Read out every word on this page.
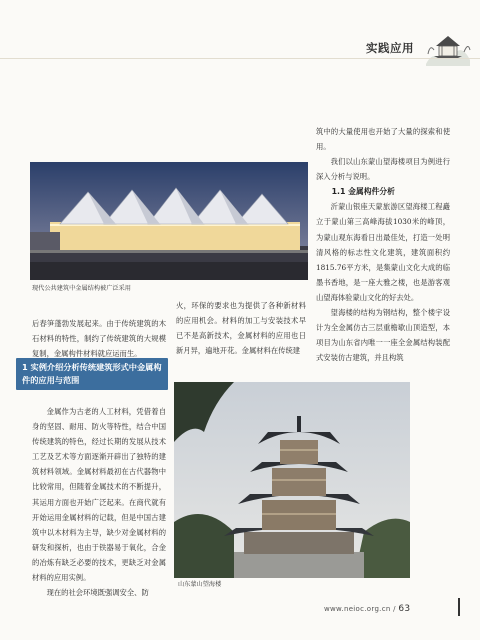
实践应用
现代公共建筑中金属结构被广泛采用

后春笋蓬勃发展起来。由于传统建筑的木石材料的特性，制约了传统建筑的大规模复制，金属构件材料就应运而生。

火，环保的要求也为提供了各种新材料的应用机会。材料的加工与安装技术早已不是高新技术，金属材料的应用也日新月异，遍地开花。金属材料在传统建

1 实例介绍分析传统建筑形式中金属构件的应用与范围

金属作为古老的人工材料，凭借着自身的坚固、耐用、防火等特性，结合中国传统建筑的特色，经过长期的发展从技术工艺及艺术等方面逐渐开辟出了独特的建筑材料领域。金属材料最初在古代器物中比较常用，但随着金属技术的不断提升，其运用方面也开始广泛起来。在商代就有开始运用金属材料的记载，但是中国古建筑中以木材料为主导，缺少对金属材料的研发和探析，也由于铁器易于氧化，合金的冶炼有缺乏必要的技术，更缺乏对金属材料的应用实例。

现在的社会环境既强调安全、防

筑中的大量使用也开始了大量的探索和使用。

我们以山东蒙山望海楼项目为例进行深入分析与说明。

1.1 金属构件分析

沂蒙山银座天蒙旅游区望海楼工程矗立于蒙山第三高峰海拔1030米的峰顶，为蒙山观东海看日出最佳处，打造一处明清风格的标志性文化建筑，建筑面积约1815.76平方米，是集蒙山文化大成的临墨书香地，是一座大雅之楼，也是游客观山望海体验蒙山文化的好去处。

望海楼的结构为钢结构，整个楼宇设计为全金属仿古三层重檐歇山顶造型，本项目为山东省内唯一一座全金属结构装配式安装仿古建筑，并且构筑

山东蒙山望海楼
www.neioc.org.cn / 63
